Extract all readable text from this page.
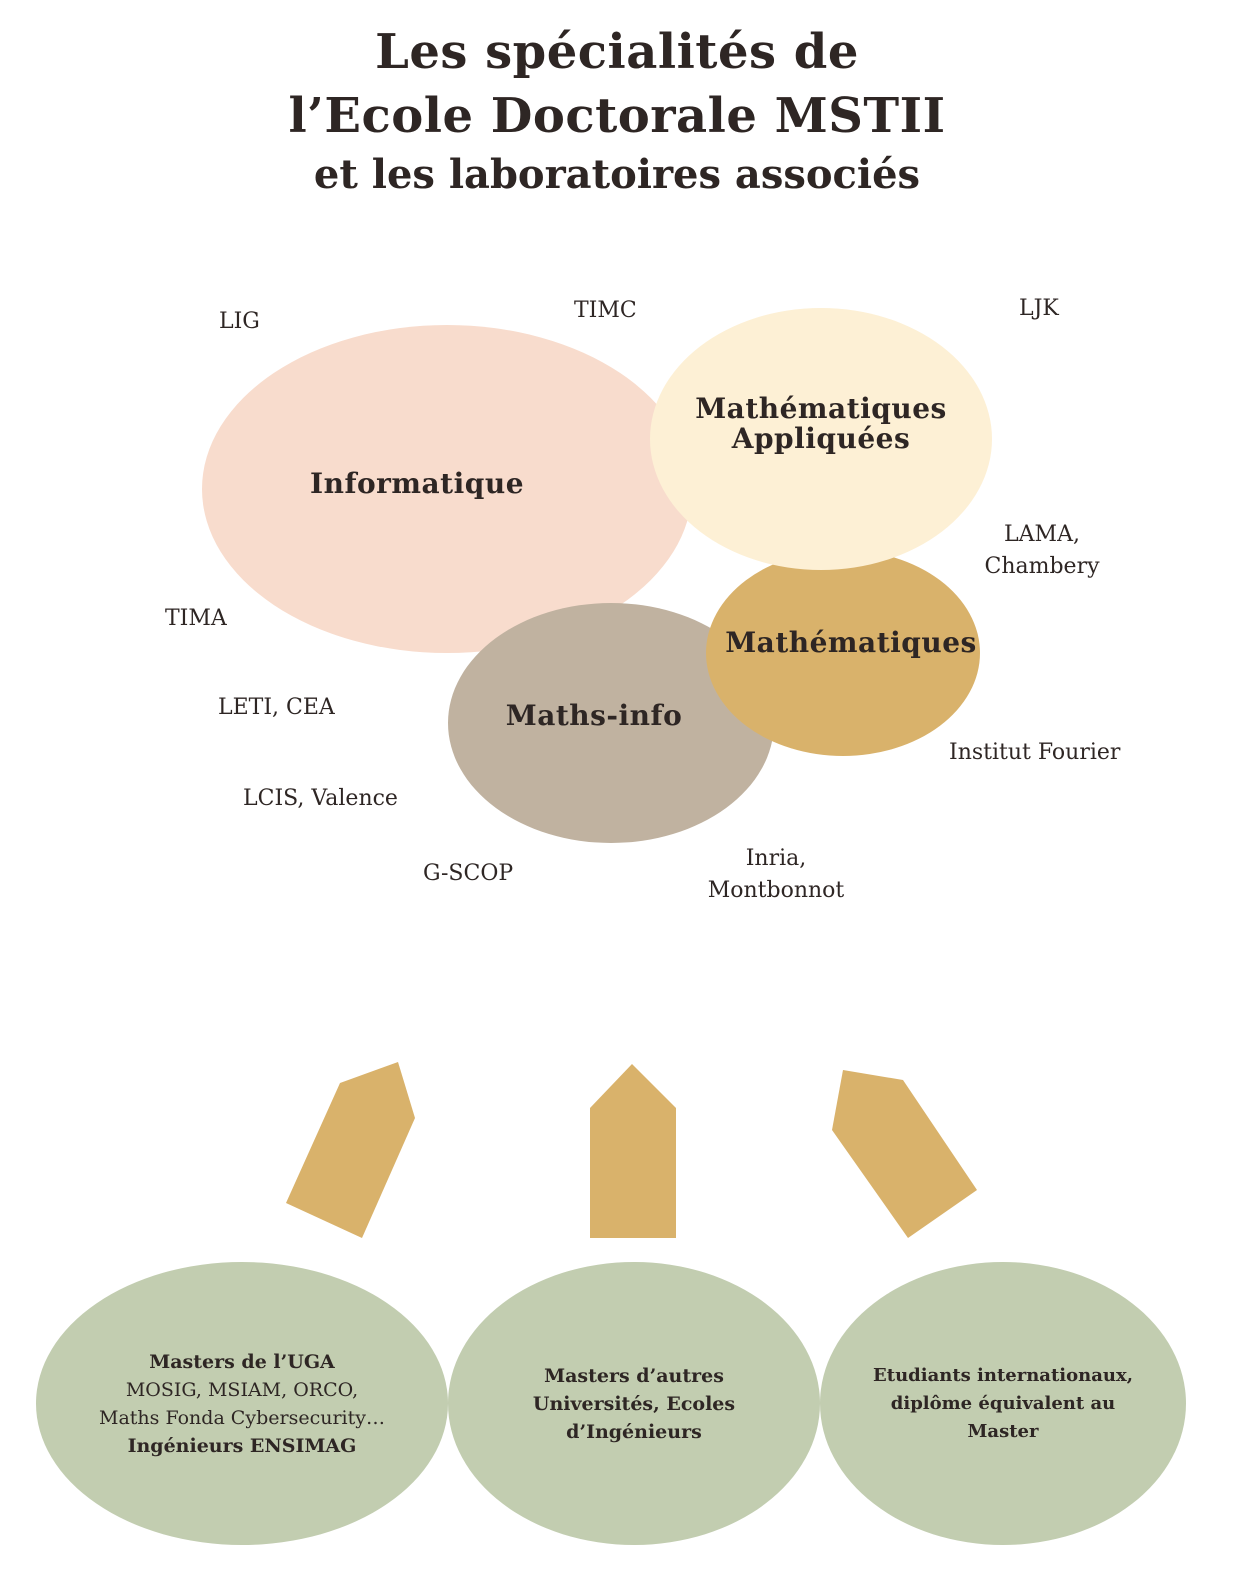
Les spécialités de
l’Ecole Doctorale MSTII
et les laboratoires associés
Informatique
Maths-info
Mathématiques
Mathématiques
Appliquées
LIG	TIMC	LJK
LAMA,
Chambery
TIMA
LETI, CEA
Institut Fourier
LCIS, Valence
G-SCOP
Inria,
Montbonnot
Masters de l’UGA
MOSIG, MSIAM, ORCO,
Maths Fonda Cybersecurity…
Ingénieurs ENSIMAG
Masters d’autres
Universités, Ecoles
d’Ingénieurs
Etudiants internationaux,
diplôme équivalent au
Master
